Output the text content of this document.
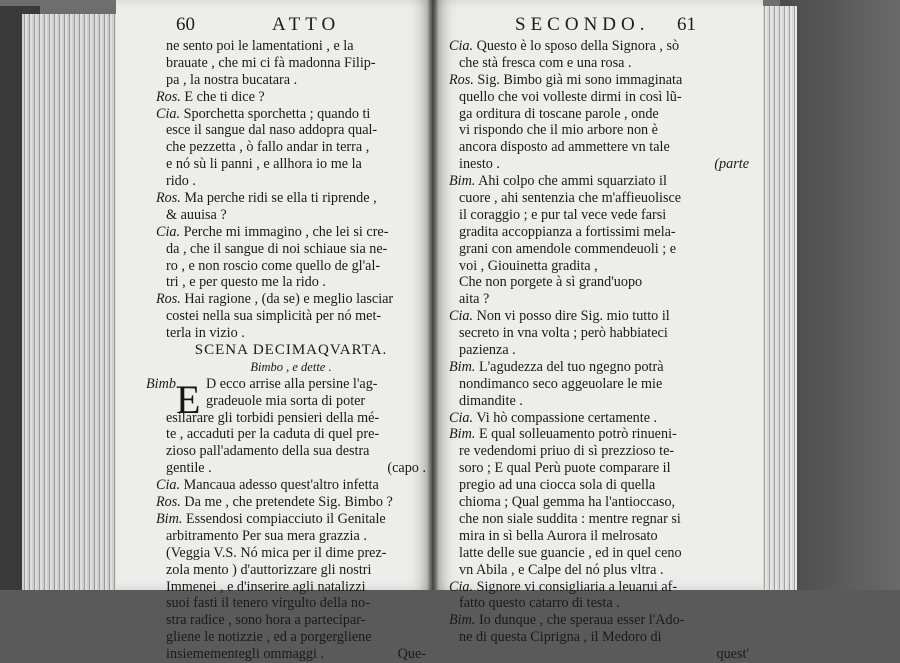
60	ATTO
ne sento poi le lamentationi , e la
brauate , che mi ci fà madonna Filip-
pa , la nostra bucatara .
Ros. E che ti dice ?
Cia. Sporchetta sporchetta ; quando ti
esce il sangue dal naso addopra qual-
che pezzetta , ò fallo andar in terra ,
e nó sù li panni , e allhora io me la
rido .
Ros. Ma perche ridi se ella ti riprende ,
& auuisa ?
Cia. Perche mi immagino , che lei si cre-
da , che il sangue di noi schiaue sia ne-
ro , e non roscio come quello de gl'al-
tri , e per questo me la rido .
Ros. Hai ragione , (da se) e meglio lasciar
costei nella sua simplicità per nó met-
terla in vizio .
SCENA DECIMAQVARTA.
Bimbo , e dette .
Bimb.
E D ecco arrise alla persine l'ag-
gradeuole mia sorta di poter
esilarare gli torbidi pensieri della mé-
te , accaduti per la caduta di quel pre-
zioso pall'adamento della sua destra
gentile .	(capo .
Cia. Mancaua adesso quest'altro infetta
Ros. Da me , che pretendete Sig. Bimbo ?
Bim. Essendosi compiacciuto il Genitale
arbitramento Per sua mera grazzia .
(Veggia V.S. Nó mica per il dime prez-
zola mento ) d'auttorizzare gli nostri
Immenei , e d'inserire agli natalizzi
suoi fasti il tenero virgulto della no-
stra radice , sono hora a partecipar-
gliene le notizzie , ed a porgergliene
insiemementegli ommaggi .	Que-
SECONDO. 61
Cia. Questo è lo sposo della Signora , sò
che stà fresca com e una rosa .
Ros. Sig. Bimbo già mi sono immaginata
quello che voi volleste dirmi in così lũ-
ga orditura di toscane parole , onde
vi rispondo che il mio arbore non è
ancora disposto ad ammettere vn tale
inesto .	(parte
Bim. Ahi colpo che ammi squarziato il
cuore , ahi sentenzia che m'affieuolisce
il coraggio ; e pur tal vece vede farsi
gradita accoppianza a fortissimi mela-
grani con amendole commendeuoli ; e
voi , Giouinetta gradita ,
Che non porgete à sì grand'uopo
aita ?
Cia. Non vi posso dire Sig. mio tutto il
secreto in vna volta ; però habbiateci
pazienza .
Bim. L'agudezza del tuo ngegno potrà
nondimanco seco aggeuolare le mie
dimandite .
Cia. Vi hò compassione certamente .
Bim. E qual solleuamento potrò rinueni-
re vedendomi priuo di sì prezzioso te-
soro ; E qual Perù puote comparare il
pregio ad una ciocca sola di quella
chioma ; Qual gemma ha l'antioccaso,
che non siale suddita : mentre regnar si
mira in sì bella Aurora il melrosato
latte delle sue guancie , ed in quel ceno
vn Abila , e Calpe del nó plus vltra .
Cia. Signore vi consigliaria a leuarui af-
fatto questo catarro di testa .
Bim. Io dunque , che speraua esser l'Ado-
ne di questa Ciprigna , il Medoro di
quest'
